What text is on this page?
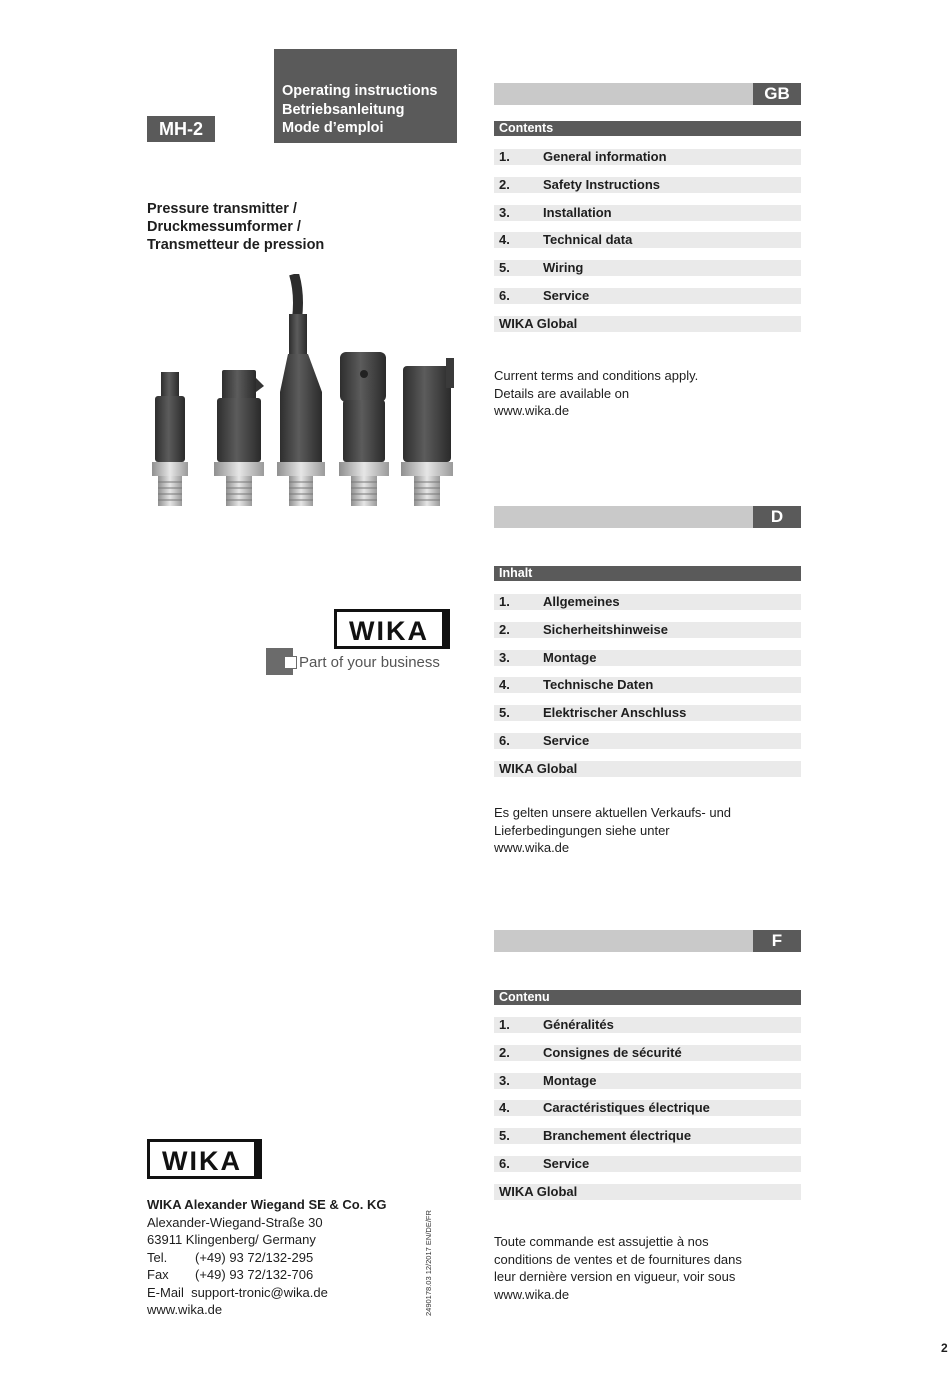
MH-2
Operating instructions
Betriebsanleitung
Mode d’emploi
Pressure transmitter /
Druckmessumformer /
Transmetteur de pression
WIKA
Part of your business
WIKA
WIKA Alexander Wiegand SE & Co. KG
Alexander-Wiegand-Straße 30
63911 Klingenberg/ Germany
Tel. (+49) 93 72/132-295
Fax (+49) 93 72/132-706
E-Mail support-tronic@wika.de
www.wika.de	2490178.03 12/2017 EN/DE/FR
GB
Contents
1.	General information
2.	Safety Instructions
3.	Installation
4.	Technical data
5.	Wiring
6.	Service
WIKA Global
Current terms and conditions apply.
Details are available on
www.wika.de
D
Inhalt
1.	Allgemeines
2.	Sicherheitshinweise
3.	Montage
4.	Technische Daten
5.	Elektrischer Anschluss
6.	Service
WIKA Global
Es gelten unsere aktuellen Verkaufs- und
Lieferbedingungen siehe unter
www.wika.de
F
Contenu
1.	Généralités
2.	Consignes de sécurité
3.	Montage
4.	Caractéristiques électrique
5.	Branchement électrique
6.	Service
WIKA Global
Toute commande est assujettie à nos
conditions de ventes et de fournitures dans
leur dernière version en vigueur, voir sous
www.wika.de
2
